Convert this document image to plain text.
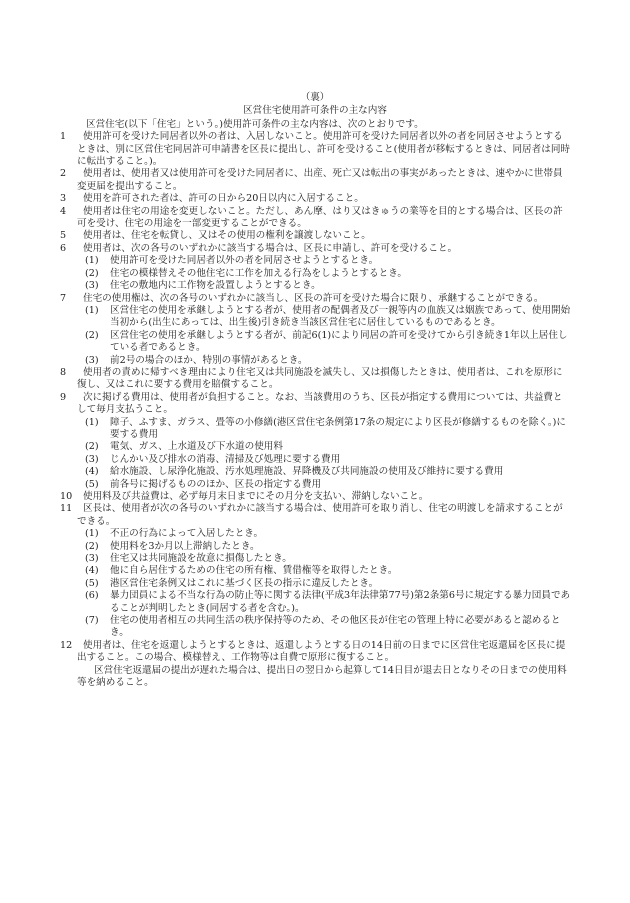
（裏）
区営住宅使用許可条件の主な内容
区営住宅(以下「住宅」という。)使用許可条件の主な内容は、次のとおりです。
1	使用許可を受けた同居者以外の者は、入居しないこと。使用許可を受けた同居者以外の者を同居させようとするときは、別に区営住宅同居許可申請書を区長に提出し、許可を受けること(使用者が移転するときは、同居者は同時に転出すること。)。
2	使用者は、使用者又は使用許可を受けた同居者に、出産、死亡又は転出の事実があったときは、速やかに世帯員変更届を提出すること。
3	使用を許可された者は、許可の日から20日以内に入居すること。
4	使用者は住宅の用途を変更しないこと。ただし、あん摩、はり又はきゅうの業等を目的とする場合は、区長の許可を受け、住宅の用途を一部変更することができる。
5	使用者は、住宅を転貸し、又はその使用の権利を譲渡しないこと。
6	使用者は、次の各号のいずれかに該当する場合は、区長に申請し、許可を受けること。
(1) 使用許可を受けた同居者以外の者を同居させようとするとき。
(2) 住宅の模様替えその他住宅に工作を加える行為をしようとするとき。
(3) 住宅の敷地内に工作物を設置しようとするとき。
7	住宅の使用権は、次の各号のいずれかに該当し、区長の許可を受けた場合に限り、承継することができる。
(1) 区営住宅の使用を承継しようとする者が、使用者の配偶者及び一親等内の血族又は姻族であって、使用開始当初から(出生にあっては、出生後)引き続き当該区営住宅に居住しているものであるとき。
(2) 区営住宅の使用を承継しようとする者が、前記6(1)により同居の許可を受けてから引き続き1年以上居住している者であるとき。
(3) 前2号の場合のほか、特別の事情があるとき。
8	使用者の責めに帰すべき理由により住宅又は共同施設を滅失し、又は損傷したときは、使用者は、これを原形に復し、又はこれに要する費用を賠償すること。
9	次に掲げる費用は、使用者が負担すること。なお、当該費用のうち、区長が指定する費用については、共益費として毎月支払うこと。
(1) 障子、ふすま、ガラス、畳等の小修繕(港区営住宅条例第17条の規定により区長が修繕するものを除く。)に要する費用
(2) 電気、ガス、上水道及び下水道の使用料
(3) じんかい及び排水の消毒、清掃及び処理に要する費用
(4) 給水施設、し尿浄化施設、汚水処理施設、昇降機及び共同施設の使用及び維持に要する費用
(5) 前各号に掲げるもののほか、区長の指定する費用
10	使用料及び共益費は、必ず毎月末日までにその月分を支払い、滞納しないこと。
11	区長は、使用者が次の各号のいずれかに該当する場合は、使用許可を取り消し、住宅の明渡しを請求することができる。
(1) 不正の行為によって入居したとき。
(2) 使用料を3か月以上滞納したとき。
(3) 住宅又は共同施設を故意に損傷したとき。
(4) 他に自ら居住するための住宅の所有権、賃借権等を取得したとき。
(5) 港区営住宅条例又はこれに基づく区長の指示に違反したとき。
(6) 暴力団員による不当な行為の防止等に関する法律(平成3年法律第77号)第2条第6号に規定する暴力団員であることが判明したとき(同居する者を含む。)。
(7) 住宅の使用者相互の共同生活の秩序保持等のため、その他区長が住宅の管理上特に必要があると認めるとき。
12	使用者は、住宅を返還しようとするときは、返還しようとする日の14日前の日までに区営住宅返還届を区長に提出すること。この場合、模様替え、工作物等は自費で原形に復すること。
区営住宅返還届の提出が遅れた場合は、提出日の翌日から起算して14日目が退去日となりその日までの使用料等を納めること。
